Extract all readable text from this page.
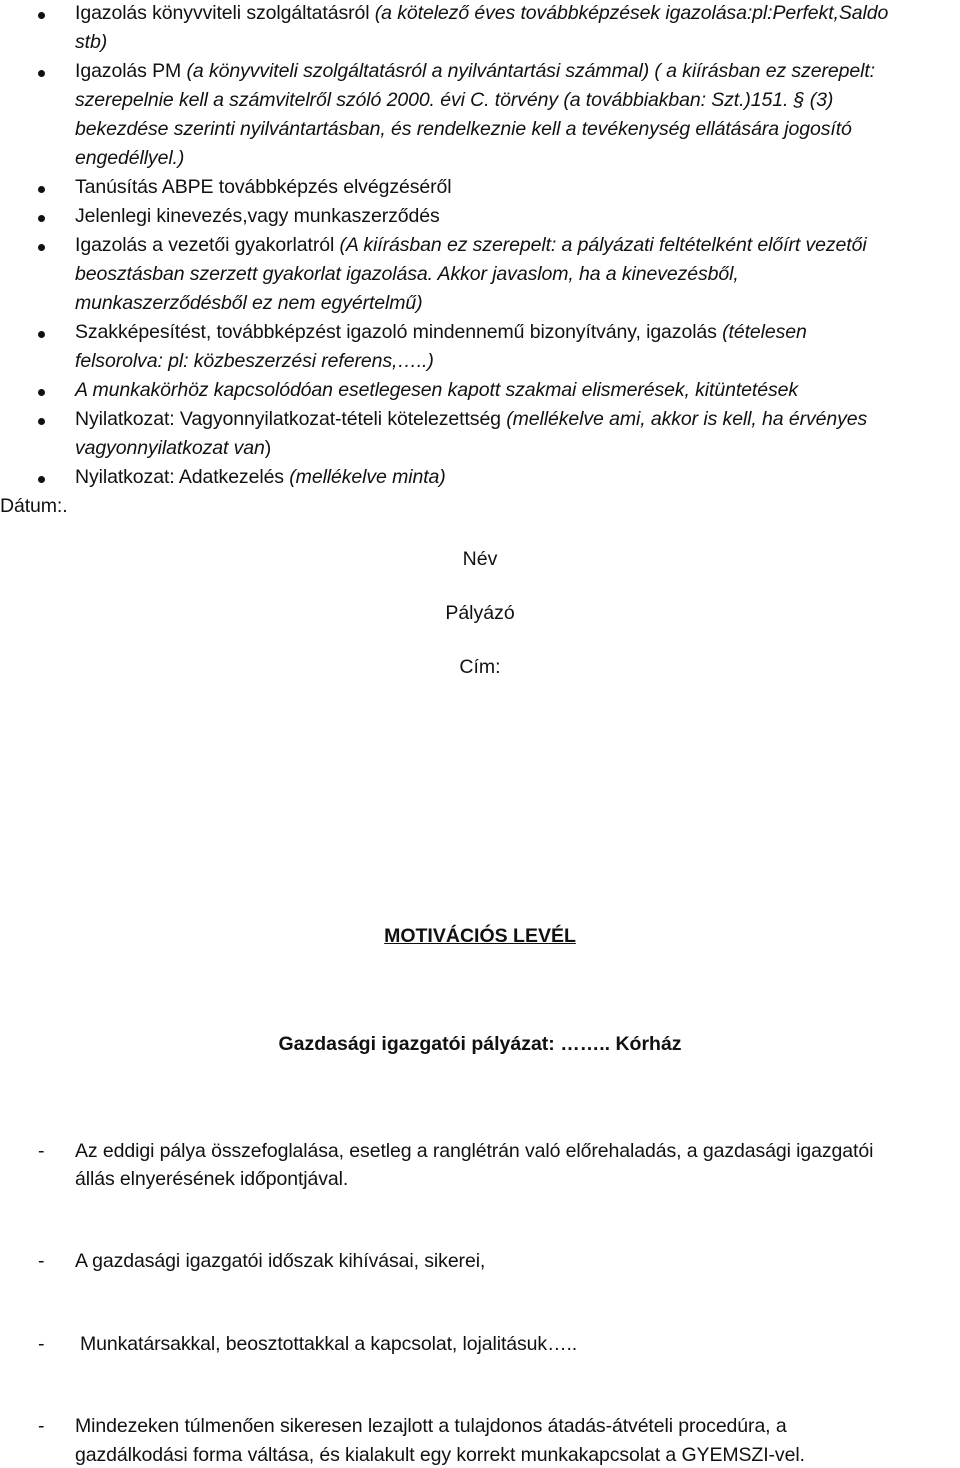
Igazolás könyvviteli szolgáltatásról (a kötelező éves továbbképzések igazolása:pl:Perfekt,Saldo
stb)
Igazolás PM (a könyvviteli szolgáltatásról a nyilvántartási számmal) ( a kiírásban ez szerepelt:
szerepelnie kell a számvitelről szóló 2000. évi C. törvény (a továbbiakban: Szt.)151. § (3)
bekezdése szerinti nyilvántartásban, és rendelkeznie kell a tevékenység ellátására jogosító
engedéllyel.)
Tanúsítás ABPE továbbképzés elvégzéséről
Jelenlegi kinevezés,vagy munkaszerződés
Igazolás a vezetői gyakorlatról (A kiírásban ez szerepelt: a pályázati feltételként előírt vezetői
beosztásban szerzett gyakorlat igazolása. Akkor javaslom, ha a kinevezésből,
munkaszerződésből ez nem egyértelmű)
Szakképesítést, továbbképzést igazoló mindennemű bizonyítvány, igazolás (tételesen
felsorolva: pl: közbeszerzési referens,…..)
A munkakörhöz kapcsolódóan esetlegesen kapott szakmai elismerések, kitüntetések
Nyilatkozat: Vagyonnyilatkozat-tételi kötelezettség (mellékelve ami, akkor is kell, ha érvényes
vagyonnyilatkozat van)
Nyilatkozat: Adatkezelés (mellékelve minta)
Dátum:.
Név
Pályázó
Cím:
MOTIVÁCIÓS LEVÉL
Gazdasági igazgatói pályázat: …….. Kórház
- Az eddigi pálya összefoglalása, esetleg a ranglétrán való előrehaladás, a gazdasági igazgatói
állás elnyerésének időpontjával.
- A gazdasági igazgatói időszak kihívásai, sikerei,
- Munkatársakkal, beosztottakkal a kapcsolat, lojalitásuk…..
- Mindezeken túlmenően sikeresen lezajlott a tulajdonos átadás-átvételi procedúra, a
gazdálkodási forma váltása, és kialakult egy korrekt munkakapcsolat a GYEMSZI-vel.
